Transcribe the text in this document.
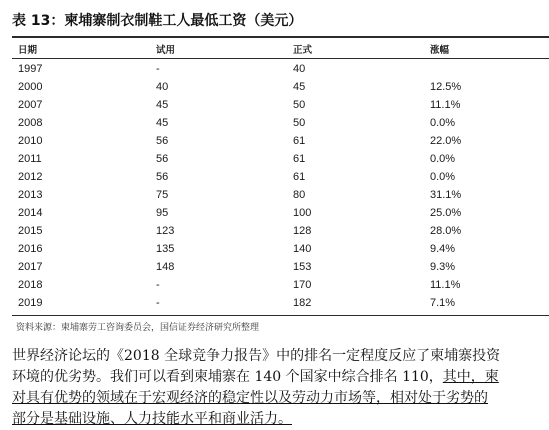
表 13：柬埔寨制衣制鞋工人最低工资（美元）
日期	试用	正式	涨幅
1997	-	40
2000	40	45	12.5%
2007	45	50	11.1%
2008	45	50	0.0%
2010	56	61	22.0%
2011	56	61	0.0%
2012	56	61	0.0%
2013	75	80	31.1%
2014	95	100	25.0%
2015	123	128	28.0%
2016	135	140	9.4%
2017	148	153	9.3%
2018	-	170	11.1%
2019	-	182	7.1%
资料来源：柬埔寨劳工咨询委员会，国信证券经济研究所整理

世界经济论坛的《2018 全球竞争力报告》中的排名一定程度反应了柬埔寨投资

环境的优劣势。我们可以看到柬埔寨在 140 个国家中综合排名 110，其中，柬

对具有优势的领域在于宏观经济的稳定性以及劳动力市场等，相对处于劣势的

部分是基础设施、人力技能水平和商业活力。
